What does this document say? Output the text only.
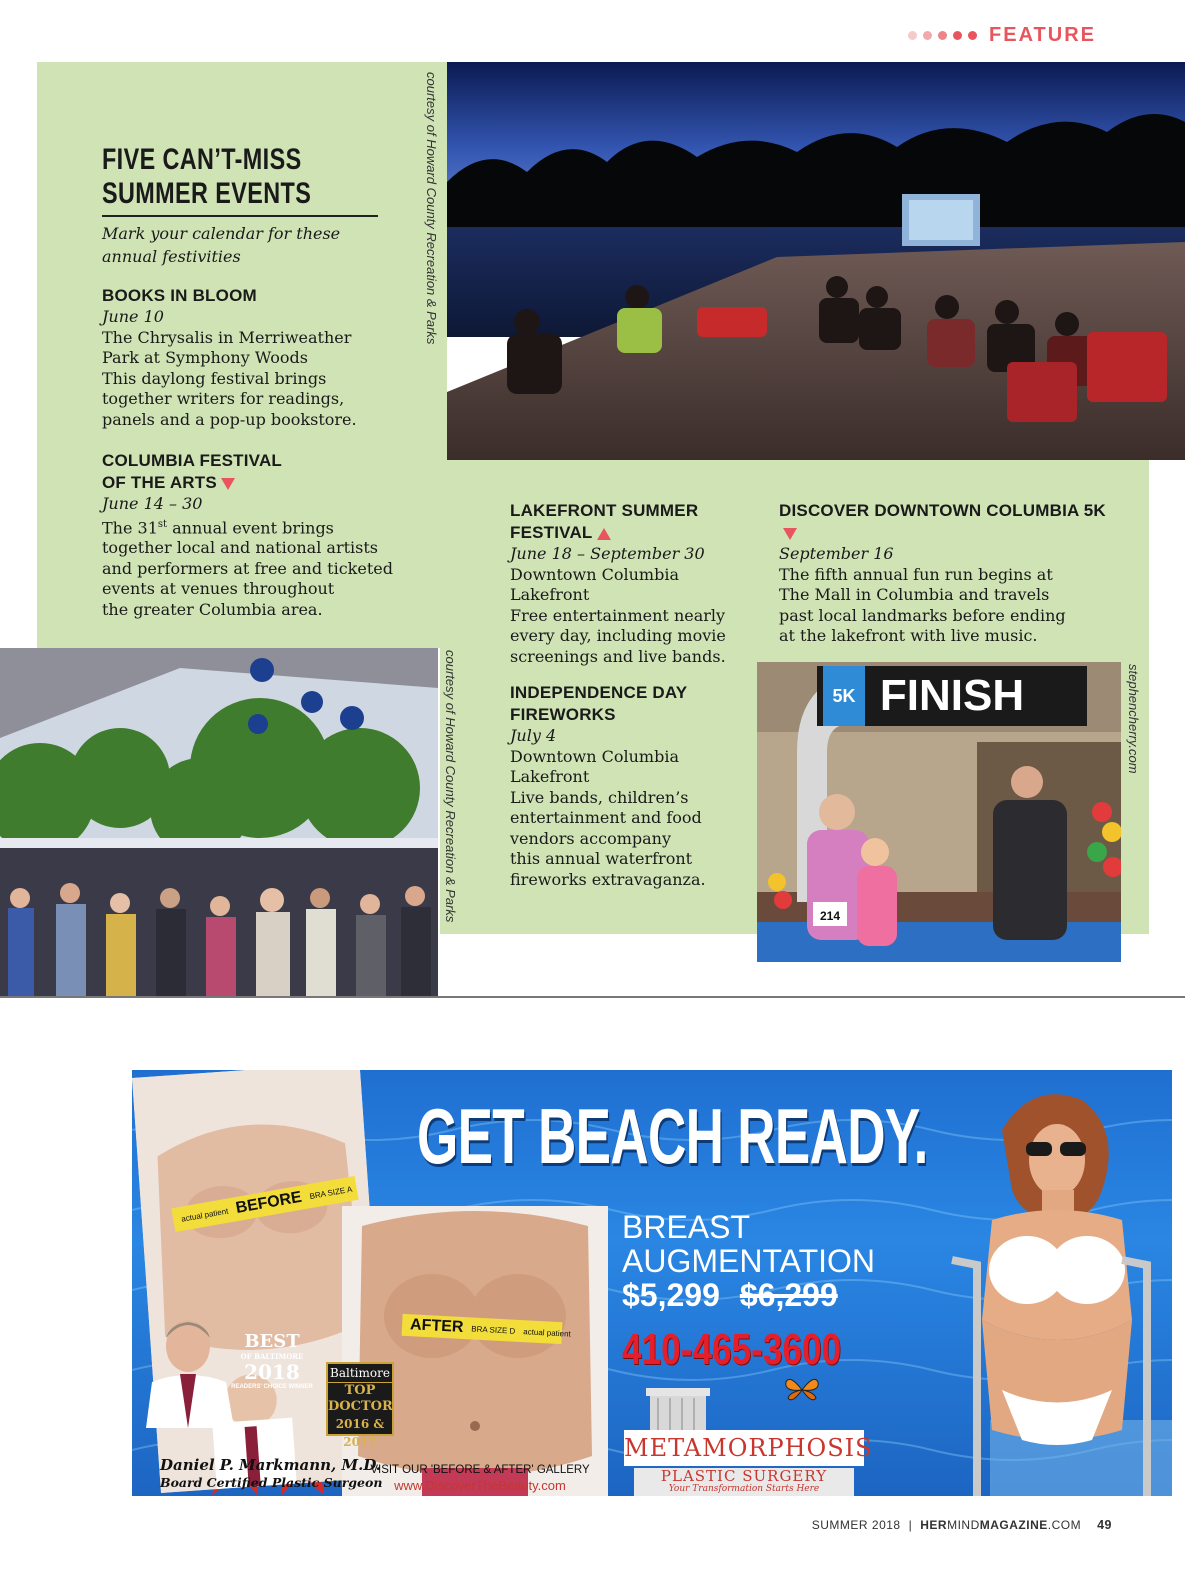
FEATURE
FIVE CAN’T-MISS
SUMMER EVENTS
Mark your calendar for these annual festivities
BOOKS IN BLOOM
June 10
The Chrysalis in Merriweather
Park at Symphony Woods
This daylong festival brings
together writers for readings,
panels and a pop-up bookstore.
COLUMBIA FESTIVAL
OF THE ARTS
June 14 – 30
The 31st annual event brings
together local and national artists
and performers at free and ticketed
events at venues throughout
the greater Columbia area.
LAKEFRONT SUMMER
FESTIVAL
June 18 – September 30
Downtown Columbia
Lakefront
Free entertainment nearly
every day, including movie
screenings and live bands.
INDEPENDENCE DAY
FIREWORKS
July 4
Downtown Columbia
Lakefront
Live bands, children’s
entertainment and food
vendors accompany
this annual waterfront
fireworks extravaganza.
DISCOVER DOWNTOWN COLUMBIA 5K
September 16
The fifth annual fun run begins at
The Mall in Columbia and travels
past local landmarks before ending
at the lakefront with live music.
courtesy of Howard County Recreation & Parks
courtesy of Howard County Recreation & Parks	FINISH
5K
214
stephencherry.com
actual patient BEFORE BRA SIZE A
AFTER BRA SIZE D actual patient
GET BEACH READY.
BREAST
AUGMENTATION
$5,299 $6,299
410-465-3600
METAMORPHOSIS
PLASTIC SURGERY
Your Transformation Starts Here
BEST
OF BALTIMORE
2018
READERS' CHOICE WINNER
Baltimore
TOP DOCTOR
2016 & 2017
Daniel P. Markmann, M.D.
Board Certified Plastic Surgeon
VISIT OUR 'BEFORE & AFTER' GALLERY
www.DiscoverTheBeauty.com
SUMMER 2018 | HERMINDMAGAZINE.COM 49
